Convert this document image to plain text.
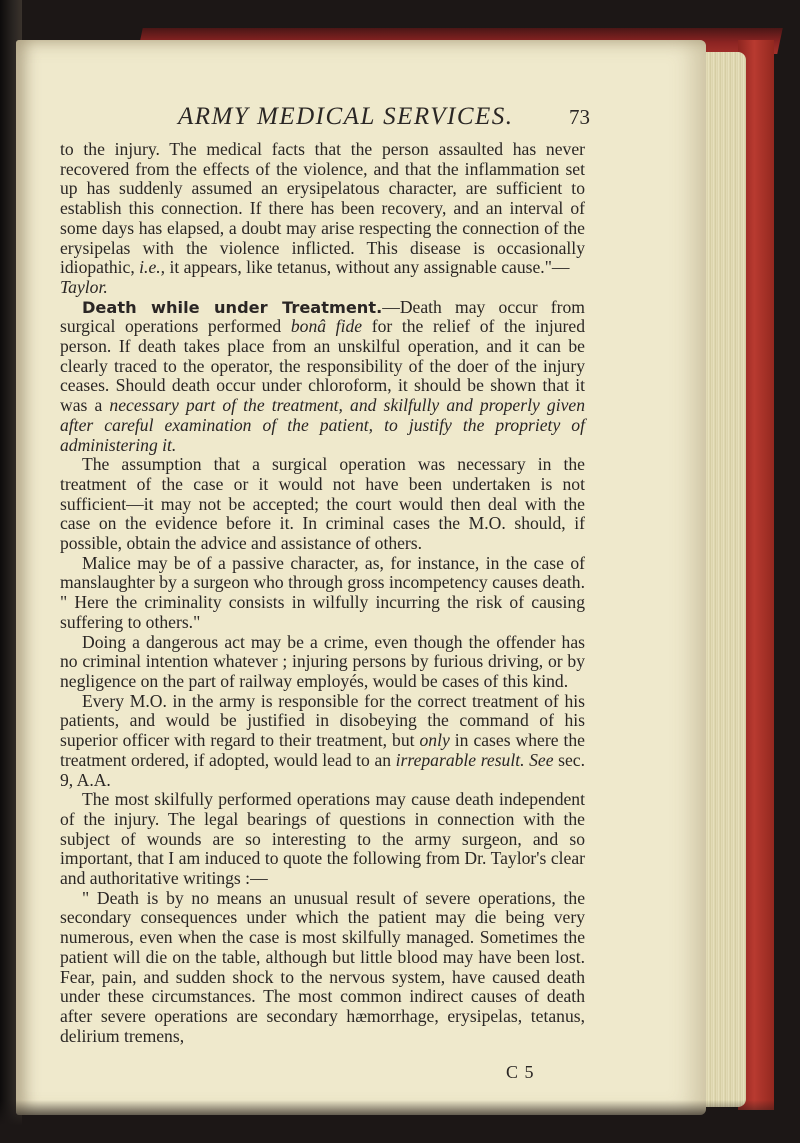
ARMY MEDICAL SERVICES.	73

to the injury. The medical facts that the person assaulted has never recovered from the effects of the violence, and that the inflammation set up has suddenly assumed an erysipelatous character, are sufficient to establish this connection. If there has been recovery, and an interval of some days has elapsed, a doubt may arise respecting the connection of the erysipelas with the violence inflicted. This disease is occasionally idiopathic, i.e., it appears, like tetanus, without any assignable cause."—
Taylor.

Death while under Treatment.—Death may occur from surgical operations performed bonâ fide for the relief of the injured person. If death takes place from an unskilful operation, and it can be clearly traced to the operator, the responsibility of the doer of the injury ceases. Should death occur under chloroform, it should be shown that it was a necessary part of the treatment, and skilfully and properly given after careful examination of the patient, to justify the propriety of administering it.

The assumption that a surgical operation was necessary in the treatment of the case or it would not have been undertaken is not sufficient—it may not be accepted; the court would then deal with the case on the evidence before it. In criminal cases the M.O. should, if possible, obtain the advice and assistance of others.

Malice may be of a passive character, as, for instance, in the case of manslaughter by a surgeon who through gross incompetency causes death. " Here the criminality consists in wilfully incurring the risk of causing suffering to others."

Doing a dangerous act may be a crime, even though the offender has no criminal intention whatever ; injuring persons by furious driving, or by negligence on the part of railway employés, would be cases of this kind.

Every M.O. in the army is responsible for the correct treatment of his patients, and would be justified in disobeying the command of his superior officer with regard to their treatment, but only in cases where the treatment ordered, if adopted, would lead to an irreparable result. See sec. 9, A.A.

The most skilfully performed operations may cause death independent of the injury. The legal bearings of questions in connection with the subject of wounds are so interesting to the army surgeon, and so important, that I am induced to quote the following from Dr. Taylor's clear and authoritative writings :—

" Death is by no means an unusual result of severe operations, the secondary consequences under which the patient may die being very numerous, even when the case is most skilfully managed. Sometimes the patient will die on the table, although but little blood may have been lost. Fear, pain, and sudden shock to the nervous system, have caused death under these circumstances. The most common indirect causes of death after severe operations are secondary hæmorrhage, erysipelas, tetanus, delirium tremens,

C 5
